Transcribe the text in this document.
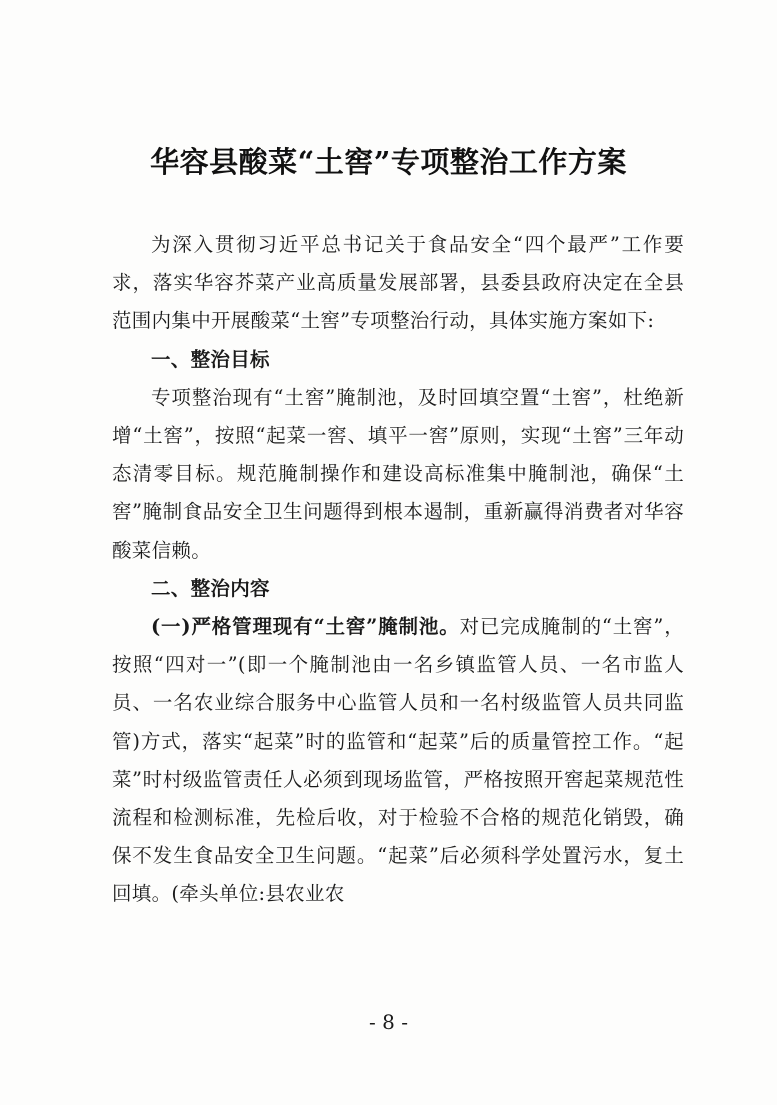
华容县酸菜“土窖”专项整治工作方案

为深入贯彻习近平总书记关于食品安全“四个最严”工作要求，落实华容芥菜产业高质量发展部署，县委县政府决定在全县范围内集中开展酸菜“土窖”专项整治行动，具体实施方案如下:

一、整治目标

专项整治现有“土窖”腌制池，及时回填空置“土窖”，杜绝新增“土窖”，按照“起菜一窖、填平一窖”原则，实现“土窖”三年动态清零目标。规范腌制操作和建设高标准集中腌制池，确保“土窖”腌制食品安全卫生问题得到根本遏制，重新赢得消费者对华容酸菜信赖。

二、整治内容

(一)严格管理现有“土窖”腌制池。对已完成腌制的“土窖”，按照“四对一”(即一个腌制池由一名乡镇监管人员、一名市监人员、一名农业综合服务中心监管人员和一名村级监管人员共同监管)方式，落实“起菜”时的监管和“起菜”后的质量管控工作。“起菜”时村级监管责任人必须到现场监管，严格按照开窖起菜规范性流程和检测标准，先检后收，对于检验不合格的规范化销毁，确保不发生食品安全卫生问题。“起菜”后必须科学处置污水，复土回填。(牵头单位:县农业农

- 8 -
